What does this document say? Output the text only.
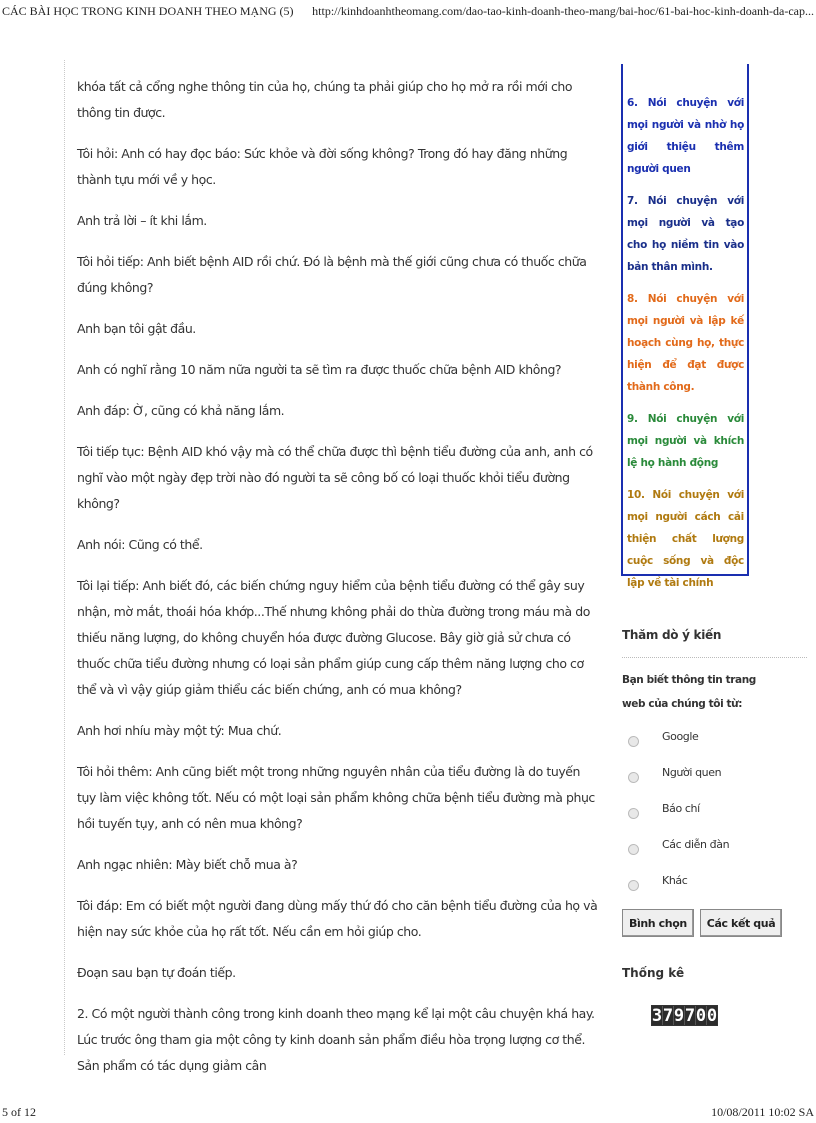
CÁC BÀI HỌC TRONG KINH DOANH THEO MẠNG (5) http://kinhdoanhtheomang.com/dao-tao-kinh-doanh-theo-mang/bai-hoc/61-bai-hoc-kinh-doanh-da-cap...

khóa tất cả cổng nghe thông tin của họ, chúng ta phải giúp cho họ mở ra rồi mới cho thông tin được.

Tôi hỏi: Anh có hay đọc báo: Sức khỏe và đời sống không? Trong đó hay đăng những thành tựu mới về y học.

Anh trả lời – ít khi lắm.

Tôi hỏi tiếp: Anh biết bệnh AID rồi chứ. Đó là bệnh mà thế giới cũng chưa có thuốc chữa đúng không?

Anh bạn tôi gật đầu.

Anh có nghĩ rằng 10 năm nữa người ta sẽ tìm ra được thuốc chữa bệnh AID không?

Anh đáp: Ờ, cũng có khả năng lắm.

Tôi tiếp tục: Bệnh AID khó vậy mà có thể chữa được thì bệnh tiểu đường của anh, anh có nghĩ vào một ngày đẹp trời nào đó người ta sẽ công bố có loại thuốc khỏi tiểu đường không?

Anh nói: Cũng có thể.

Tôi lại tiếp: Anh biết đó, các biến chứng nguy hiểm của bệnh tiểu đường có thể gây suy nhận, mờ mắt, thoái hóa khớp...Thế nhưng không phải do thừa đường trong máu mà do thiếu năng lượng, do không chuyển hóa được đường Glucose. Bây giờ giả sử chưa có thuốc chữa tiểu đường nhưng có loại sản phẩm giúp cung cấp thêm năng lượng cho cơ thể và vì vậy giúp giảm thiểu các biến chứng, anh có mua không?

Anh hơi nhíu mày một tý: Mua chứ.

Tôi hỏi thêm: Anh cũng biết một trong những nguyên nhân của tiểu đường là do tuyến tụy làm việc không tốt. Nếu có một loại sản phẩm không chữa bệnh tiểu đường mà phục hồi tuyến tụy, anh có nên mua không?

Anh ngạc nhiên: Mày biết chỗ mua à?

Tôi đáp: Em có biết một người đang dùng mấy thứ đó cho căn bệnh tiểu đường của họ và hiện nay sức khỏe của họ rất tốt. Nếu cần em hỏi giúp cho.

Đoạn sau bạn tự đoán tiếp.

2. Có một người thành công trong kinh doanh theo mạng kể lại một câu chuyện khá hay. Lúc trước ông tham gia một công ty kinh doanh sản phẩm điều hòa trọng lượng cơ thể. Sản phẩm có tác dụng giảm cân

6. Nói chuyện với mọi người và nhờ họ giới thiệu thêm người quen
7. Nói chuyện với mọi người và tạo cho họ niềm tin vào bản thân mình.
8. Nói chuyện với mọi người và lập kế hoạch cùng họ, thực hiện để đạt được thành công.
9. Nói chuyện với mọi người và khích lệ họ hành động
10. Nói chuyện với mọi người cách cải thiện chất lượng cuộc sống và độc lập về tài chính
Thăm dò ý kiến
Bạn biết thông tin trang web của chúng tôi từ:
Google
Người quen
Báo chí
Các diễn đàn
Khác
Bình chọn	Các kết quả
Thống kê
3 7 9 7 0 0
5 of 12	10/08/2011 10:02 SA
